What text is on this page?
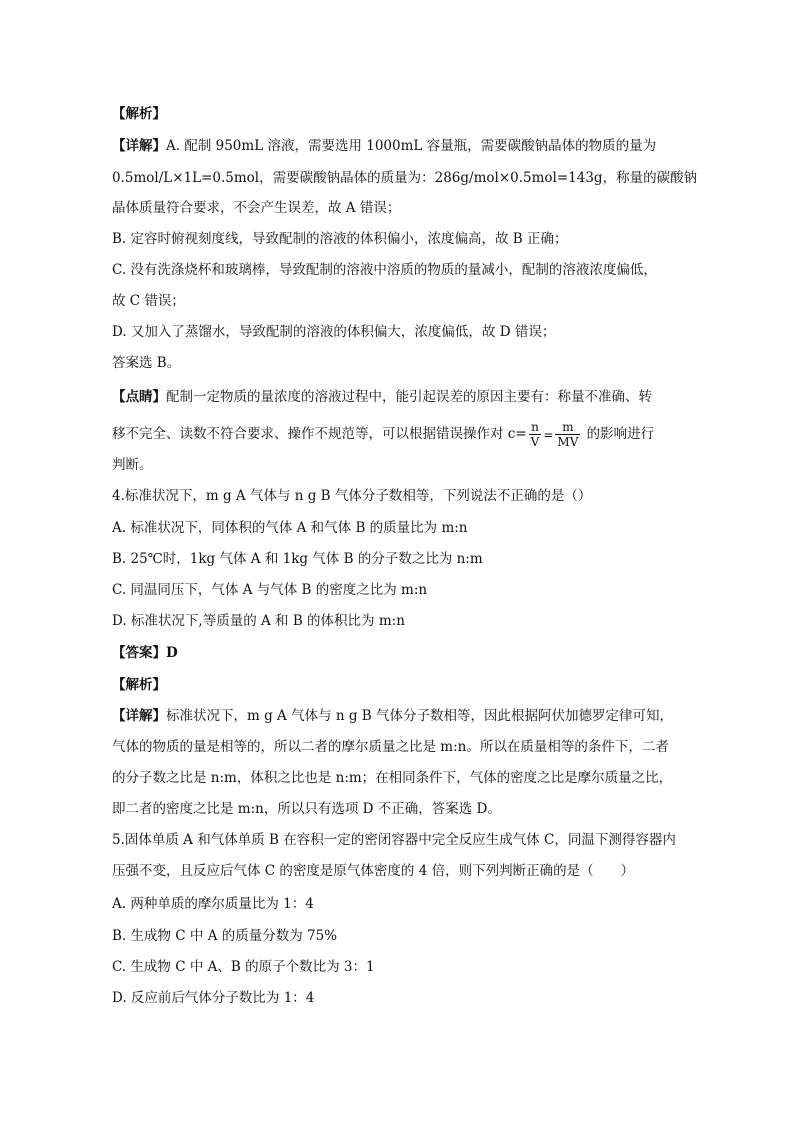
【解析】
【详解】A. 配制 950mL 溶液，需要选用 1000mL 容量瓶，需要碳酸钠晶体的物质的量为
0.5mol/L×1L=0.5mol，需要碳酸钠晶体的质量为：286g/mol×0.5mol=143g，称量的碳酸钠
晶体质量符合要求，不会产生误差，故 A 错误；
B. 定容时俯视刻度线，导致配制的溶液的体积偏小，浓度偏高，故 B 正确；
C. 没有洗涤烧杯和玻璃棒，导致配制的溶液中溶质的物质的量减小，配制的溶液浓度偏低，
故 C 错误；
D. 又加入了蒸馏水，导致配制的溶液的体积偏大，浓度偏低，故 D 错误；
答案选 B。
【点睛】配制一定物质的量浓度的溶液过程中，能引起误差的原因主要有：称量不准确、转
移不完全、读数不符合要求、操作不规范等，可以根据错误操作对 $c= \frac{n}{V} = \frac{m}{MV}$ 的影响进行
判断。
4.标准状况下，m g A 气体与 n g B 气体分子数相等，下列说法不正确的是（）
A. 标准状况下，同体积的气体 A 和气体 B 的质量比为 m:n
B. 25℃时，1kg 气体 A 和 1kg 气体 B 的分子数之比为 n:m
C. 同温同压下，气体 A 与气体 B 的密度之比为 m:n
D. 标准状况下,等质量的 A 和 B 的体积比为 m:n
【答案】D
【解析】
【详解】标准状况下，m g A 气体与 n g B 气体分子数相等，因此根据阿伏加德罗定律可知，
气体的物质的量是相等的，所以二者的摩尔质量之比是 m:n。所以在质量相等的条件下，二者
的分子数之比是 n:m，体积之比也是 n:m；在相同条件下，气体的密度之比是摩尔质量之比，
即二者的密度之比是 m:n，所以只有选项 D 不正确，答案选 D。
5.固体单质 A 和气体单质 B 在容积一定的密闭容器中完全反应生成气体 C，同温下测得容器内
压强不变，且反应后气体 C 的密度是原气体密度的 4 倍，则下列判断正确的是（　　）
A. 两种单质的摩尔质量比为 1：4
B. 生成物 C 中 A 的质量分数为 75%
C. 生成物 C 中 A、B 的原子个数比为 3：1
D. 反应前后气体分子数比为 1：4
